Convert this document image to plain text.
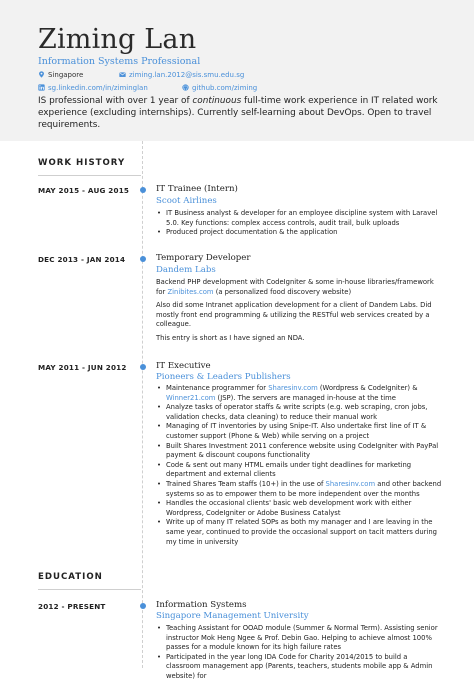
Ziming Lan
Information Systems Professional
Singapore	ziming.lan.2012@sis.smu.edu.sg
sg.linkedin.com/in/zimingl​an	github.com/ziming
IS professional with over 1 year of continuous full-time work experience in IT related work experience (excluding internships). Currently self-learning about DevOps. Open to travel requirements.
WORK HISTORY
MAY 2015 - AUG 2015	IT Trainee (Intern)
Scoot Airlines
• IT Business analyst & developer for an employee discipline system with Laravel 5.0. Key functions: complex access controls, audit trail, bulk uploads
• Produced project documentation & the application
DEC 2013 - JAN 2014	Temporary Developer
Dandem Labs

Backend PHP development with CodeIgniter & some in-house libraries/framework for Zinibites.com (a personalized food discovery website)

Also did some Intranet application development for a client of Dandem Labs. Did mostly front end programming & utilizing the RESTful web services created by a colleague.

This entry is short as I have signed an NDA.

MAY 2011 - JUN 2012	IT Executive
Pioneers & Leaders Publishers
• Maintenance programmer for Sharesinv.com (Wordpress & CodeIgniter) & Winner21.com (JSP). The servers are managed in-house at the time
• Analyze tasks of operator staffs & write scripts (e.g. web scraping, cron jobs, validation checks, data cleaning) to reduce their manual work
• Managing of IT inventories by using Snipe-IT. Also undertake first line of IT & customer support (Phone & Web) while serving on a project
• Built Shares Investment 2011 conference website using CodeIgniter with PayPal payment & discount coupons functionality
• Code & sent out many HTML emails under tight deadlines for marketing department and external clients
• Trained Shares Team staffs (10+) in the use of Sharesinv.com and other backend systems so as to empower them to be more independent over the months
• Handles the occasional clients' basic web development work with either Wordpress, CodeIgniter or Adobe Business Catalyst
• Write up of many IT related SOPs as both my manager and I are leaving in the same year, continued to provide the occasional support on tacit matters during my time in university
EDUCATION
2012 - PRESENT	Information Systems
Singapore Management University
• Teaching Assistant for OOAD module (Summer & Normal Term). Assisting senior instructor Mok Heng Ngee & Prof. Debin Gao. Helping to achieve almost 100% passes for a module known for its high failure rates
• Participated in the year long IDA Code for Charity 2014/2015 to build a classroom management app (Parents, teachers, students mobile app & Admin website) for
